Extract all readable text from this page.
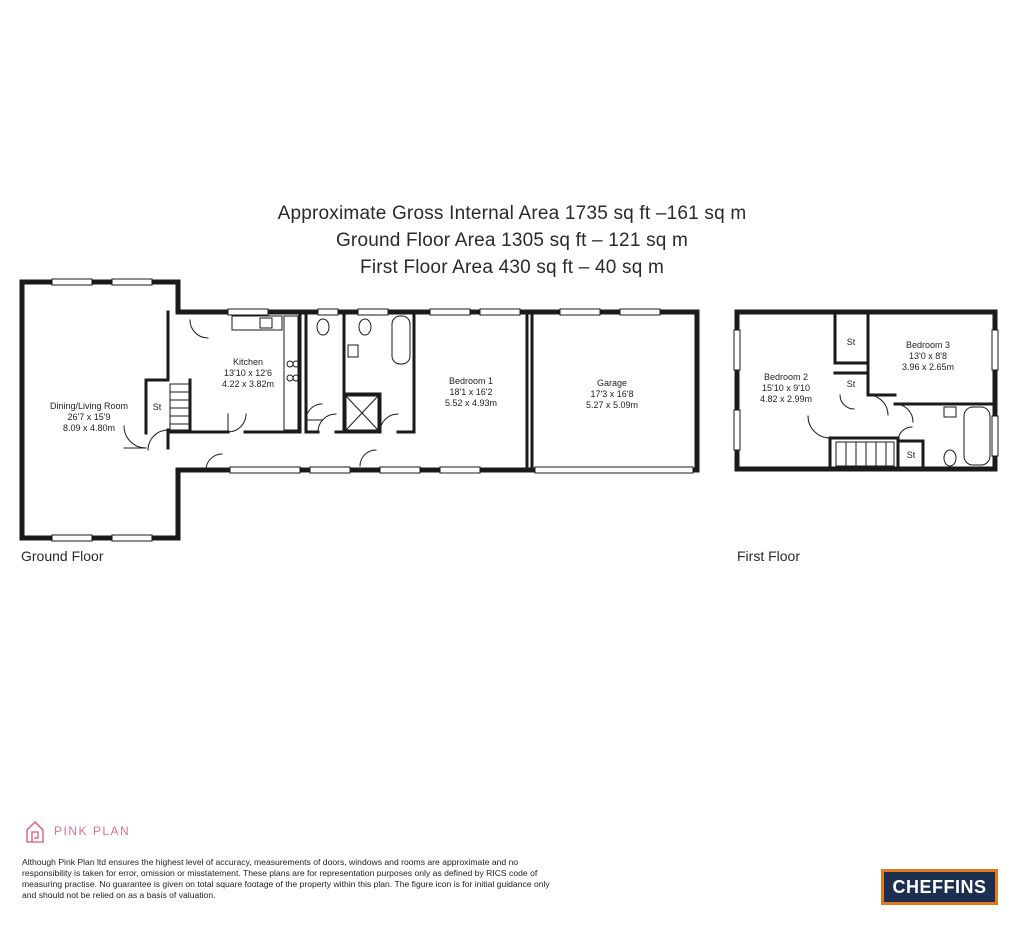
Approximate Gross Internal Area 1735 sq ft –161 sq m
Ground Floor Area 1305 sq ft – 121 sq m
First Floor Area 430 sq ft – 40 sq m
Dining/Living Room
26'7 x 15'9
8.09 x 4.80m
Kitchen
13'10 x 12'6
4.22 x 3.82m	Bedroom 1
18'1 x 16'2
5.52 x 4.93m
Garage
17'3 x 16'8
5.27 x 5.09m
Bedroom 2
15'10 x 9'10
4.82 x 2.99m
Bedroom 3
13'0 x 8'8
3.96 x 2.65m
St
St
St
St
Ground Floor	First Floor
PINK PLAN
Although Pink Plan ltd ensures the highest level of accuracy, measurements of doors, windows and rooms are approximate and no responsibility is taken for error, omission or misstatement. These plans are for representation purposes only as defined by RICS code of measuring practise. No guarantee is given on total square footage of the property within this plan. The figure icon is for initial guidance only and should not be relied on as a basis of valuation.	CHEFFINS
